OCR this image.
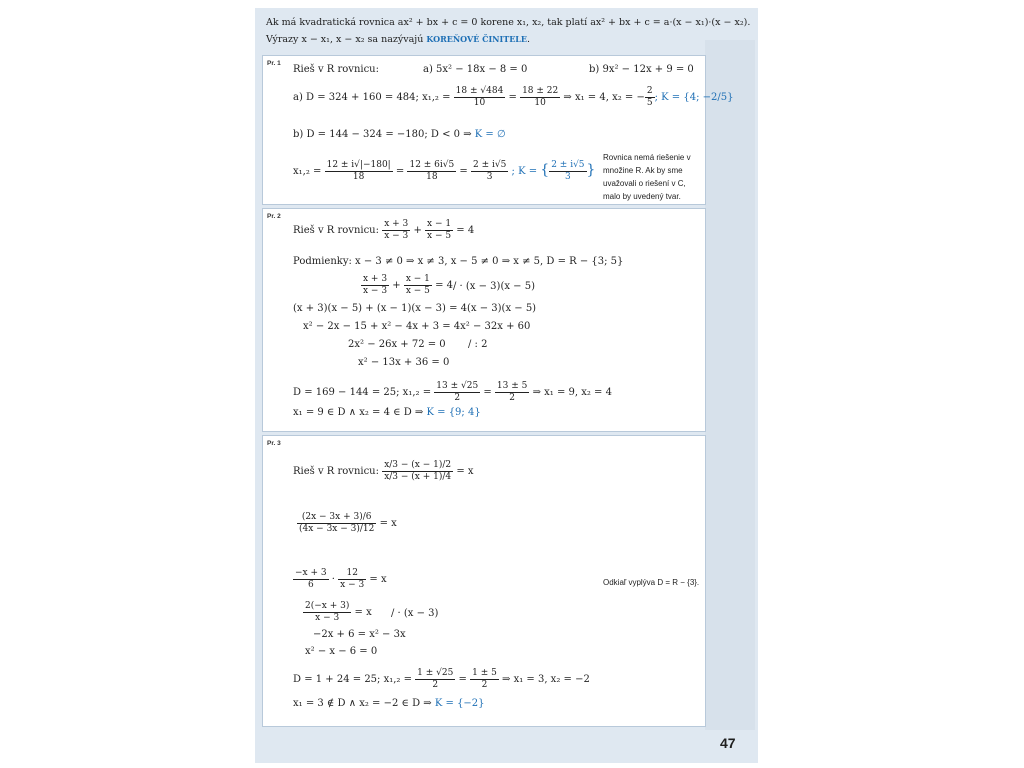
Ak má kvadratická rovnica ax² + bx + c = 0 korene x₁, x₂, tak platí ax² + bx + c = a·(x − x₁)·(x − x₂).
Výrazy x − x₁, x − x₂ sa nazývajú KOREŇOVÉ ČINITELE.
Pr. 1
Rieš v R rovnicu:	a) 5x² − 18x − 8 = 0	b) 9x² − 12x + 9 = 0
a) D = 324 + 160 = 484; $x_1,_2 = \frac{18 \pm √484}{10} = \frac{18 \pm 22}{10}$ ⇒ x₁ = 4, x₂ = − $\frac{2}{5}$ ; K = {4; −2/5}
b) D = 144 − 324 = −180; D < 0 ⇒ K = ∅
$x_1,_2 = \frac{12 \pm i√|-180|}{18} = \frac{12 \pm 6i√5}{18} = \frac{2 \pm i√5}{3}$ ; K = { $\frac{2 \pm i√5}{3}$ }
Rovnica nemá riešenie v množine R. Ak by sme uvažovali o riešení v C, malo by uvedený tvar.
Pr. 2
Rieš v R rovnicu: $\frac{x + 3}{x - 3} + \frac{x - 1}{x - 5} = 4$
Podmienky: x − 3 ≠ 0 ⇒ x ≠ 3, x − 5 ≠ 0 ⇒ x ≠ 5, D = R − {3; 5}
$\frac{x + 3}{x - 3} + \frac{x - 1}{x - 5} = 4$ / · (x − 3)(x − 5)
(x + 3)(x − 5) + (x − 1)(x − 3) = 4(x − 3)(x − 5)
x² − 2x − 15 + x² − 4x + 3 = 4x² − 32x + 60
2x² − 26x + 72 = 0 / : 2
x² − 13x + 36 = 0
D = 169 − 144 = 25; $x_1,_2 = \frac{13 \pm √25}{2} = \frac{13 \pm 5}{2}$ ⇒ x₁ = 9, x₂ = 4
x₁ = 9 ∈ D ∧ x₂ = 4 ∈ D ⇒ K = {9; 4}
Pr. 3
Rieš v R rovnicu: $\frac{x/3 - (x - 1)/2}{x/3 - (x + 1)/4} = x$
$\frac{(2x - 3x + 3)/6}{(4x - 3x - 3)/12} = x$
$\frac{-x + 3}{6} \cdot \frac{12}{x - 3} = x$	Odkiaľ vyplýva D = R − {3}.
$\frac{2(-x + 3)}{x - 3} = x$ / · (x − 3)
−2x + 6 = x² − 3x
x² − x − 6 = 0
D = 1 + 24 = 25; $x_1,_2 = \frac{1 \pm √25}{2} = \frac{1 \pm 5}{2}$ ⇒ x₁ = 3, x₂ = −2
x₁ = 3 ∉ D ∧ x₂ = −2 ∈ D ⇒ K = {−2}
47
